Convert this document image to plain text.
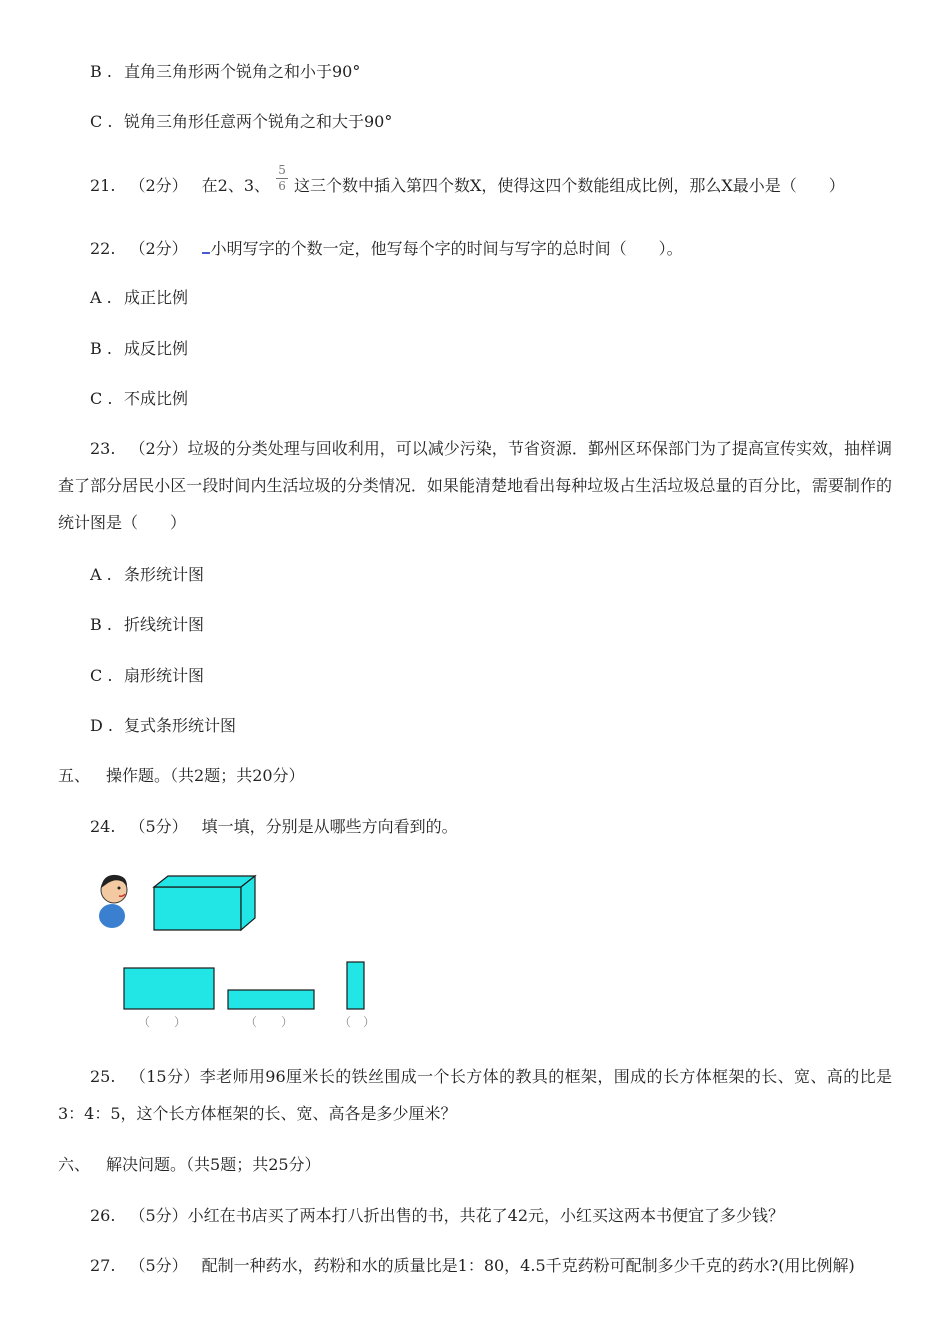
B . 直角三角形两个锐角之和小于90°
C . 锐角三角形任意两个锐角之和大于90°
21. （2分） 在2、3、 $\frac{5}{6}$ 这三个数中插入第四个数X，使得这四个数能组成比例，那么X最小是（　　）
22. （2分） 小明写字的个数一定，他写每个字的时间与写字的总时间（　　）。
A . 成正比例
B . 成反比例
C . 不成比例
23. （2分）垃圾的分类处理与回收利用，可以减少污染，节省资源．鄞州区环保部门为了提高宣传实效，抽样调查了部分居民小区一段时间内生活垃圾的分类情况．如果能清楚地看出每种垃圾占生活垃圾总量的百分比，需要制作的统计图是（　　）
A . 条形统计图
B . 折线统计图
C . 扇形统计图
D . 复式条形统计图
五、 操作题。（共2题；共20分）
24. （5分） 填一填，分别是从哪些方向看到的。
（　　）	（　　）	（　）
25. （15分）李老师用96厘米长的铁丝围成一个长方体的教具的框架，围成的长方体框架的长、宽、高的比是3：4：5，这个长方体框架的长、宽、高各是多少厘米？
六、 解决问题。（共5题；共25分）
26. （5分）小红在书店买了两本打八折出售的书，共花了42元，小红买这两本书便宜了多少钱？
27. （5分） 配制一种药水，药粉和水的质量比是1：80，4.5千克药粉可配制多少千克的药水?(用比例解)
